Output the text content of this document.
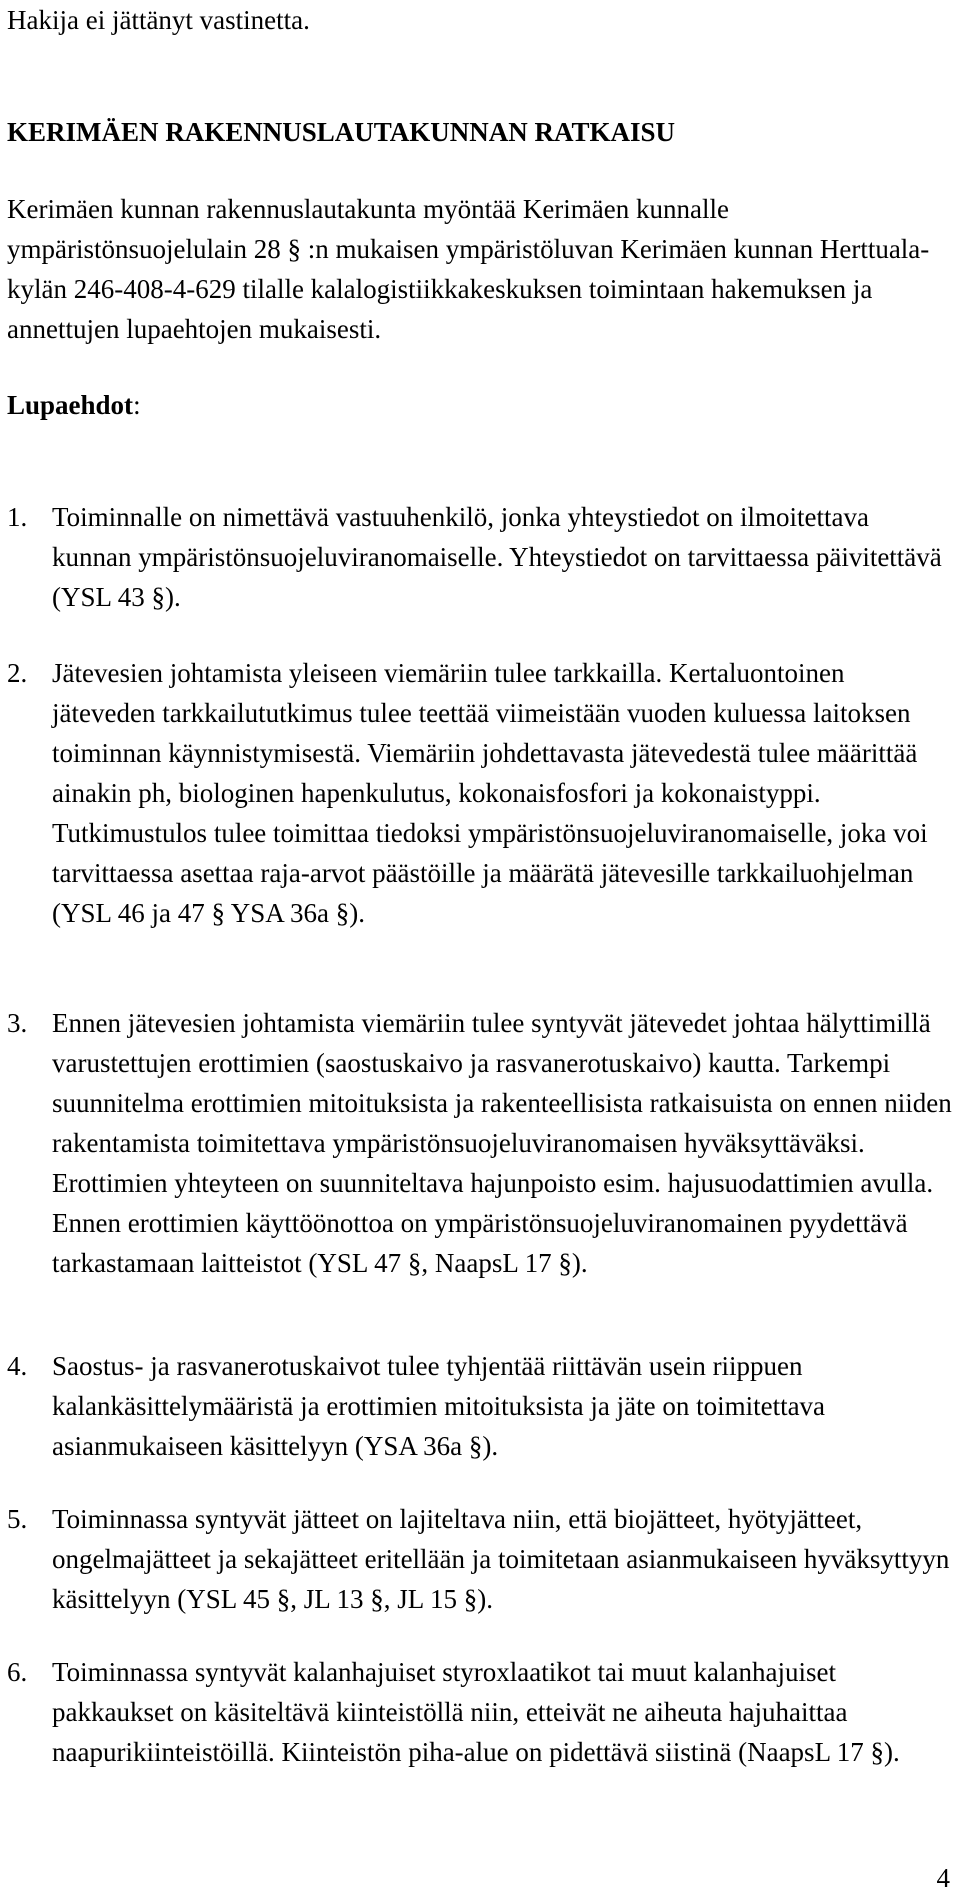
Hakija ei jättänyt vastinetta.

KERIMÄEN RAKENNUSLAUTAKUNNAN RATKAISU

Kerimäen kunnan rakennuslautakunta myöntää Kerimäen kunnalle ympäristönsuojelulain 28 § :n mukaisen ympäristöluvan Kerimäen kunnan Herttuala- kylän 246-408-4-629 tilalle kalalogistiikkakeskuksen toimintaan hakemuksen ja annettujen lupaehtojen mukaisesti.

Lupaehdot:

1. Toiminnalle on nimettävä vastuuhenkilö, jonka yhteystiedot on ilmoitettava kunnan ympäristönsuojeluviranomaiselle. Yhteystiedot on tarvittaessa päivitettävä (YSL 43 §).
2. Jätevesien johtamista yleiseen viemäriin tulee tarkkailla. Kertaluontoinen jäteveden tarkkailututkimus tulee teettää viimeistään vuoden kuluessa laitoksen toiminnan käynnistymisestä. Viemäriin johdettavasta jätevedestä tulee määrittää ainakin ph, biologinen hapenkulutus, kokonaisfosfori ja kokonaistyppi. Tutkimustulos tulee toimittaa tiedoksi ympäristönsuojeluviranomaiselle, joka voi tarvittaessa asettaa raja-arvot päästöille ja määrätä jätevesille tarkkailuohjelman (YSL 46 ja 47 § YSA 36a §).
3. Ennen jätevesien johtamista viemäriin tulee syntyvät jätevedet johtaa hälyttimillä varustettujen erottimien (saostuskaivo ja rasvanerotuskaivo) kautta. Tarkempi suunnitelma erottimien mitoituksista ja rakenteellisista ratkaisuista on ennen niiden rakentamista toimitettava ympäristönsuojeluviranomaisen hyväksyttäväksi. Erottimien yhteyteen on suunniteltava hajunpoisto esim. hajusuodattimien avulla. Ennen erottimien käyttöönottoa on ympäristönsuojeluviranomainen pyydettävä tarkastamaan laitteistot (YSL 47 §, NaapsL 17 §).
4. Saostus- ja rasvanerotuskaivot tulee tyhjentää riittävän usein riippuen kalankäsittelymääristä ja erottimien mitoituksista ja jäte on toimitettava asianmukaiseen käsittelyyn (YSA 36a §).
5. Toiminnassa syntyvät jätteet on lajiteltava niin, että biojätteet, hyötyjätteet, ongelmajätteet ja sekajätteet eritellään ja toimitetaan asianmukaiseen hyväksyttyyn käsittelyyn (YSL 45 §, JL 13 §, JL 15 §).
6. Toiminnassa syntyvät kalanhajuiset styroxlaatikot tai muut kalanhajuiset pakkaukset on käsiteltävä kiinteistöllä niin, etteivät ne aiheuta hajuhaittaa naapurikiinteistöillä. Kiinteistön piha-alue on pidettävä siistinä (NaapsL 17 §).

4
